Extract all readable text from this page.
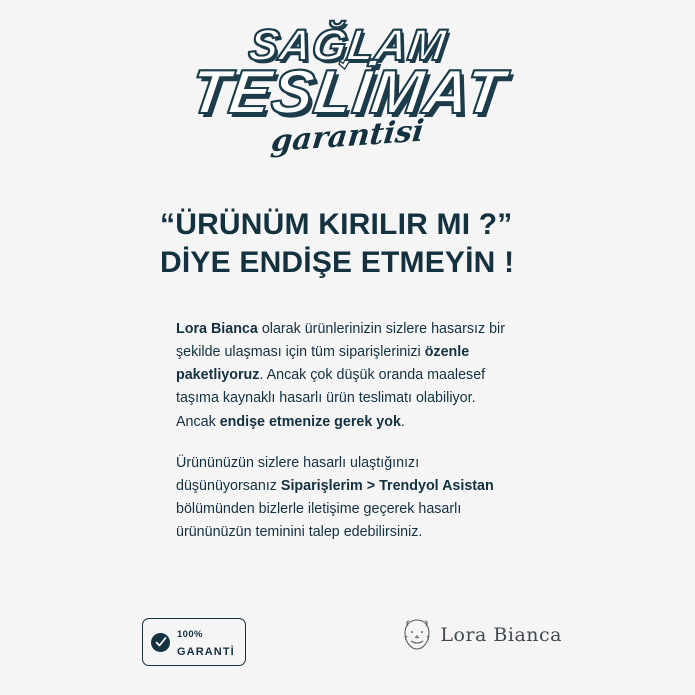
SAĞLAM
TESLİMAT
garantisi
“ÜRÜNÜM KIRILIR MI ?”
DİYE ENDİŞE ETMEYİN !

Lora Bianca olarak ürünlerinizin sizlere hasarsız bir şekilde ulaşması için tüm siparişlerinizi özenle paketliyoruz. Ancak çok düşük oranda maalesef taşıma kaynaklı hasarlı ürün teslimatı olabiliyor. Ancak endişe etmenize gerek yok.

Ürününüzün sizlere hasarlı ulaştığınızı düşünüyorsanız Siparişlerim > Trendyol Asistan bölümünden bizlerle iletişime geçerek hasarlı ürününüzün teminini talep edebilirsiniz.

100%
GARANTİ
Lora Bianca
